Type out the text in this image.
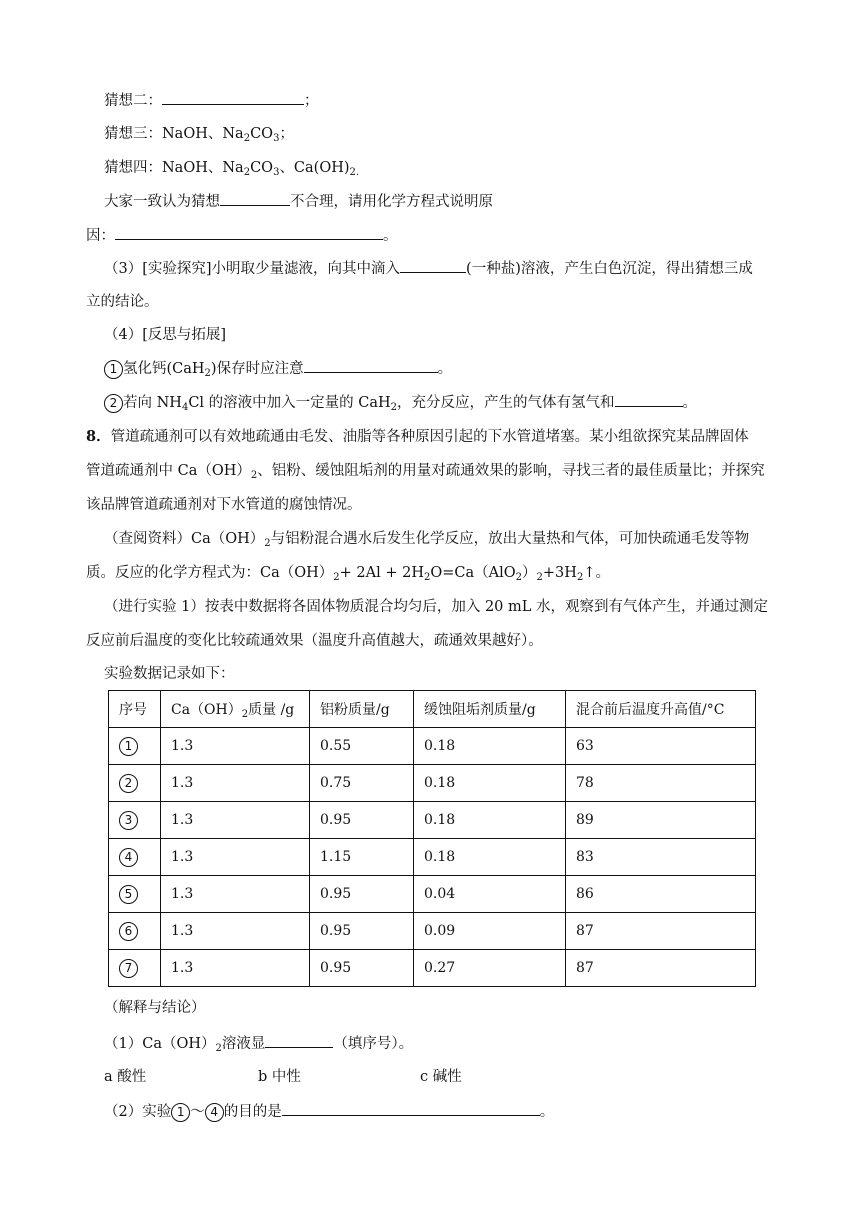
猜想二：	；
猜想三：NaOH、$Na_2CO_3$；
猜想四：NaOH、$Na_2CO_3$、$Ca(OH)_{2.}$
大家一致认为猜想	不合理，请用化学方程式说明原
因：	。
（3）[实验探究]小明取少量滤液，向其中滴入	(一种盐)溶液，产生白色沉淀，得出猜想三成
立的结论。
（4）[反思与拓展]
1 氢化钙(CaH$_2$)保存时应注意	。
2 若向 $NH_4Cl$ 的溶液中加入一定量的 CaH$_2$，充分反应，产生的气体有氢气和	。
8．管道疏通剂可以有效地疏通由毛发、油脂等各种原因引起的下水管道堵塞。某小组欲探究某品牌固体
管道疏通剂中 $Ca(OH)_2$、铝粉、缓蚀阻垢剂的用量对疏通效果的影响，寻找三者的最佳质量比；并探究
该品牌管道疏通剂对下水管道的腐蚀情况。
（查阅资料）$Ca(OH)_2$与铝粉混合遇水后发生化学反应，放出大量热和气体，可加快疏通毛发等物
质。反应的化学方程式为：$Ca(OH)_2+ 2Al$ + $2H_2O=Ca(AlO_2)_2+3H_2↑$。
（进行实验 1）按表中数据将各固体物质混合均匀后，加入 20 mL 水，观察到有气体产生，并通过测定
反应前后温度的变化比较疏通效果（温度升高值越大，疏通效果越好）。
实验数据记录如下：
序号	$Ca(OH)_2$质量 /g	铝粉质量/g	缓蚀阻垢剂质量/g	混合前后温度升高值/°C
1	1.3	0.55	0.18	63
2	1.3	0.75	0.18	78
3	1.3	0.95	0.18	89
4	1.3	1.15	0.18	83
5	1.3	0.95	0.04	86
6	1.3	0.95	0.09	87
7	1.3	0.95	0.27	87
（解释与结论）
$(1)Ca(OH)_2$溶液显	（填序号）。
a 酸性	b 中性	c 碱性
（2）实验 1 ～ 4 的目的是	。
